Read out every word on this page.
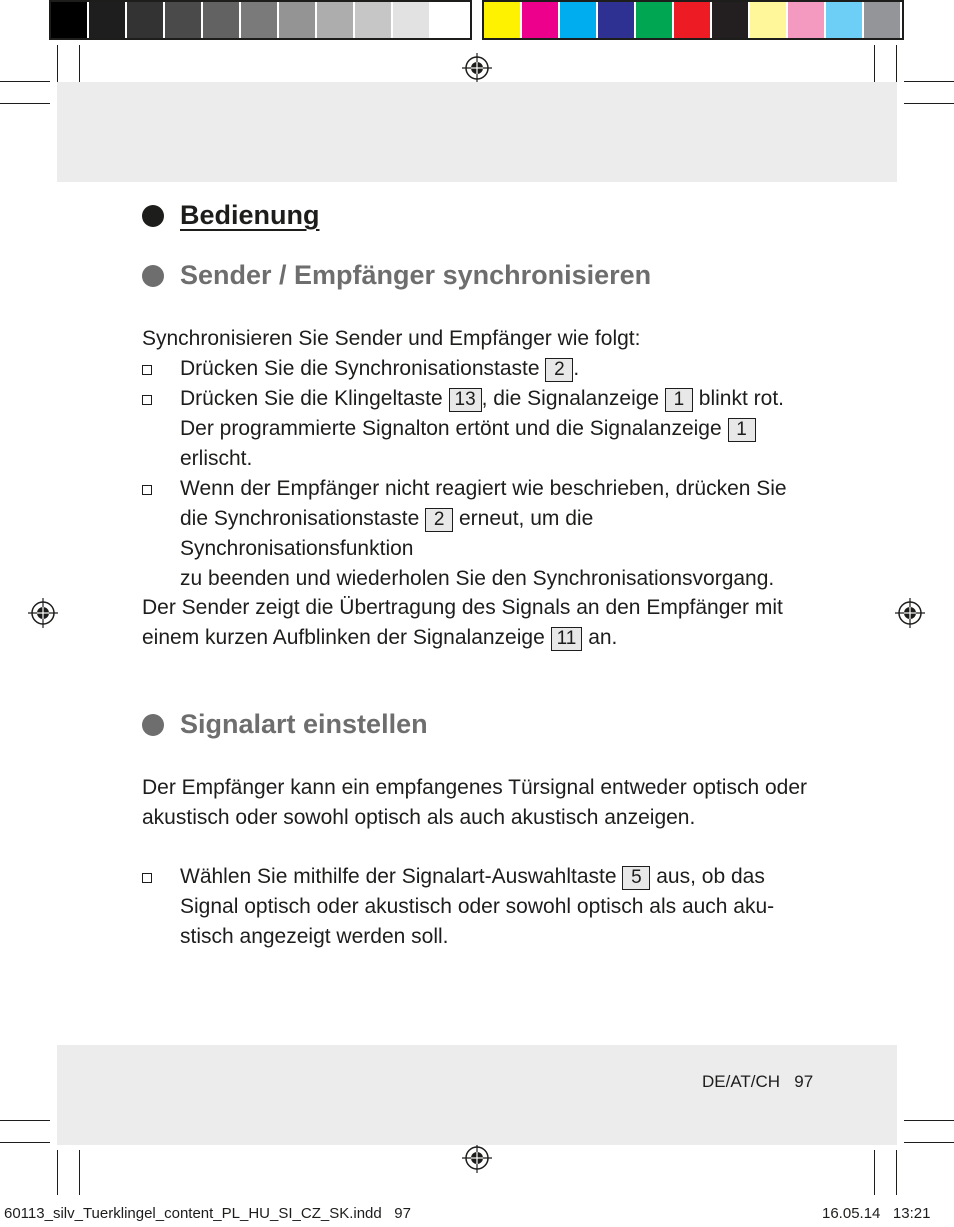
Bedienung
Sender / Empfänger synchronisieren
Synchronisieren Sie Sender und Empfänger wie folgt:
Drücken Sie die Synchronisationstaste 2 .
Drücken Sie die Klingeltaste 13 , die Signalanzeige 1 blinkt rot.
Der programmierte Signalton ertönt und die Signalanzeige 1
erlischt.
Wenn der Empfänger nicht reagiert wie beschrieben, drücken Sie
die Synchronisationstaste 2 erneut, um die Synchronisationsfunktion
zu beenden und wiederholen Sie den Synchronisationsvorgang.
Der Sender zeigt die Übertragung des Signals an den Empfänger mit
einem kurzen Aufblinken der Signalanzeige 11 an.
Signalart einstellen
Der Empfänger kann ein empfangenes Türsignal entweder optisch oder
akustisch oder sowohl optisch als auch akustisch anzeigen.
Wählen Sie mithilfe der Signalart-Auswahltaste 5 aus, ob das
Signal optisch oder akustisch oder sowohl optisch als auch aku-
stisch angezeigt werden soll.
DE/AT/CH 97
60113_silv_Tuerklingel_content_PL_HU_SI_CZ_SK.indd   97	16.05.14   13:21
